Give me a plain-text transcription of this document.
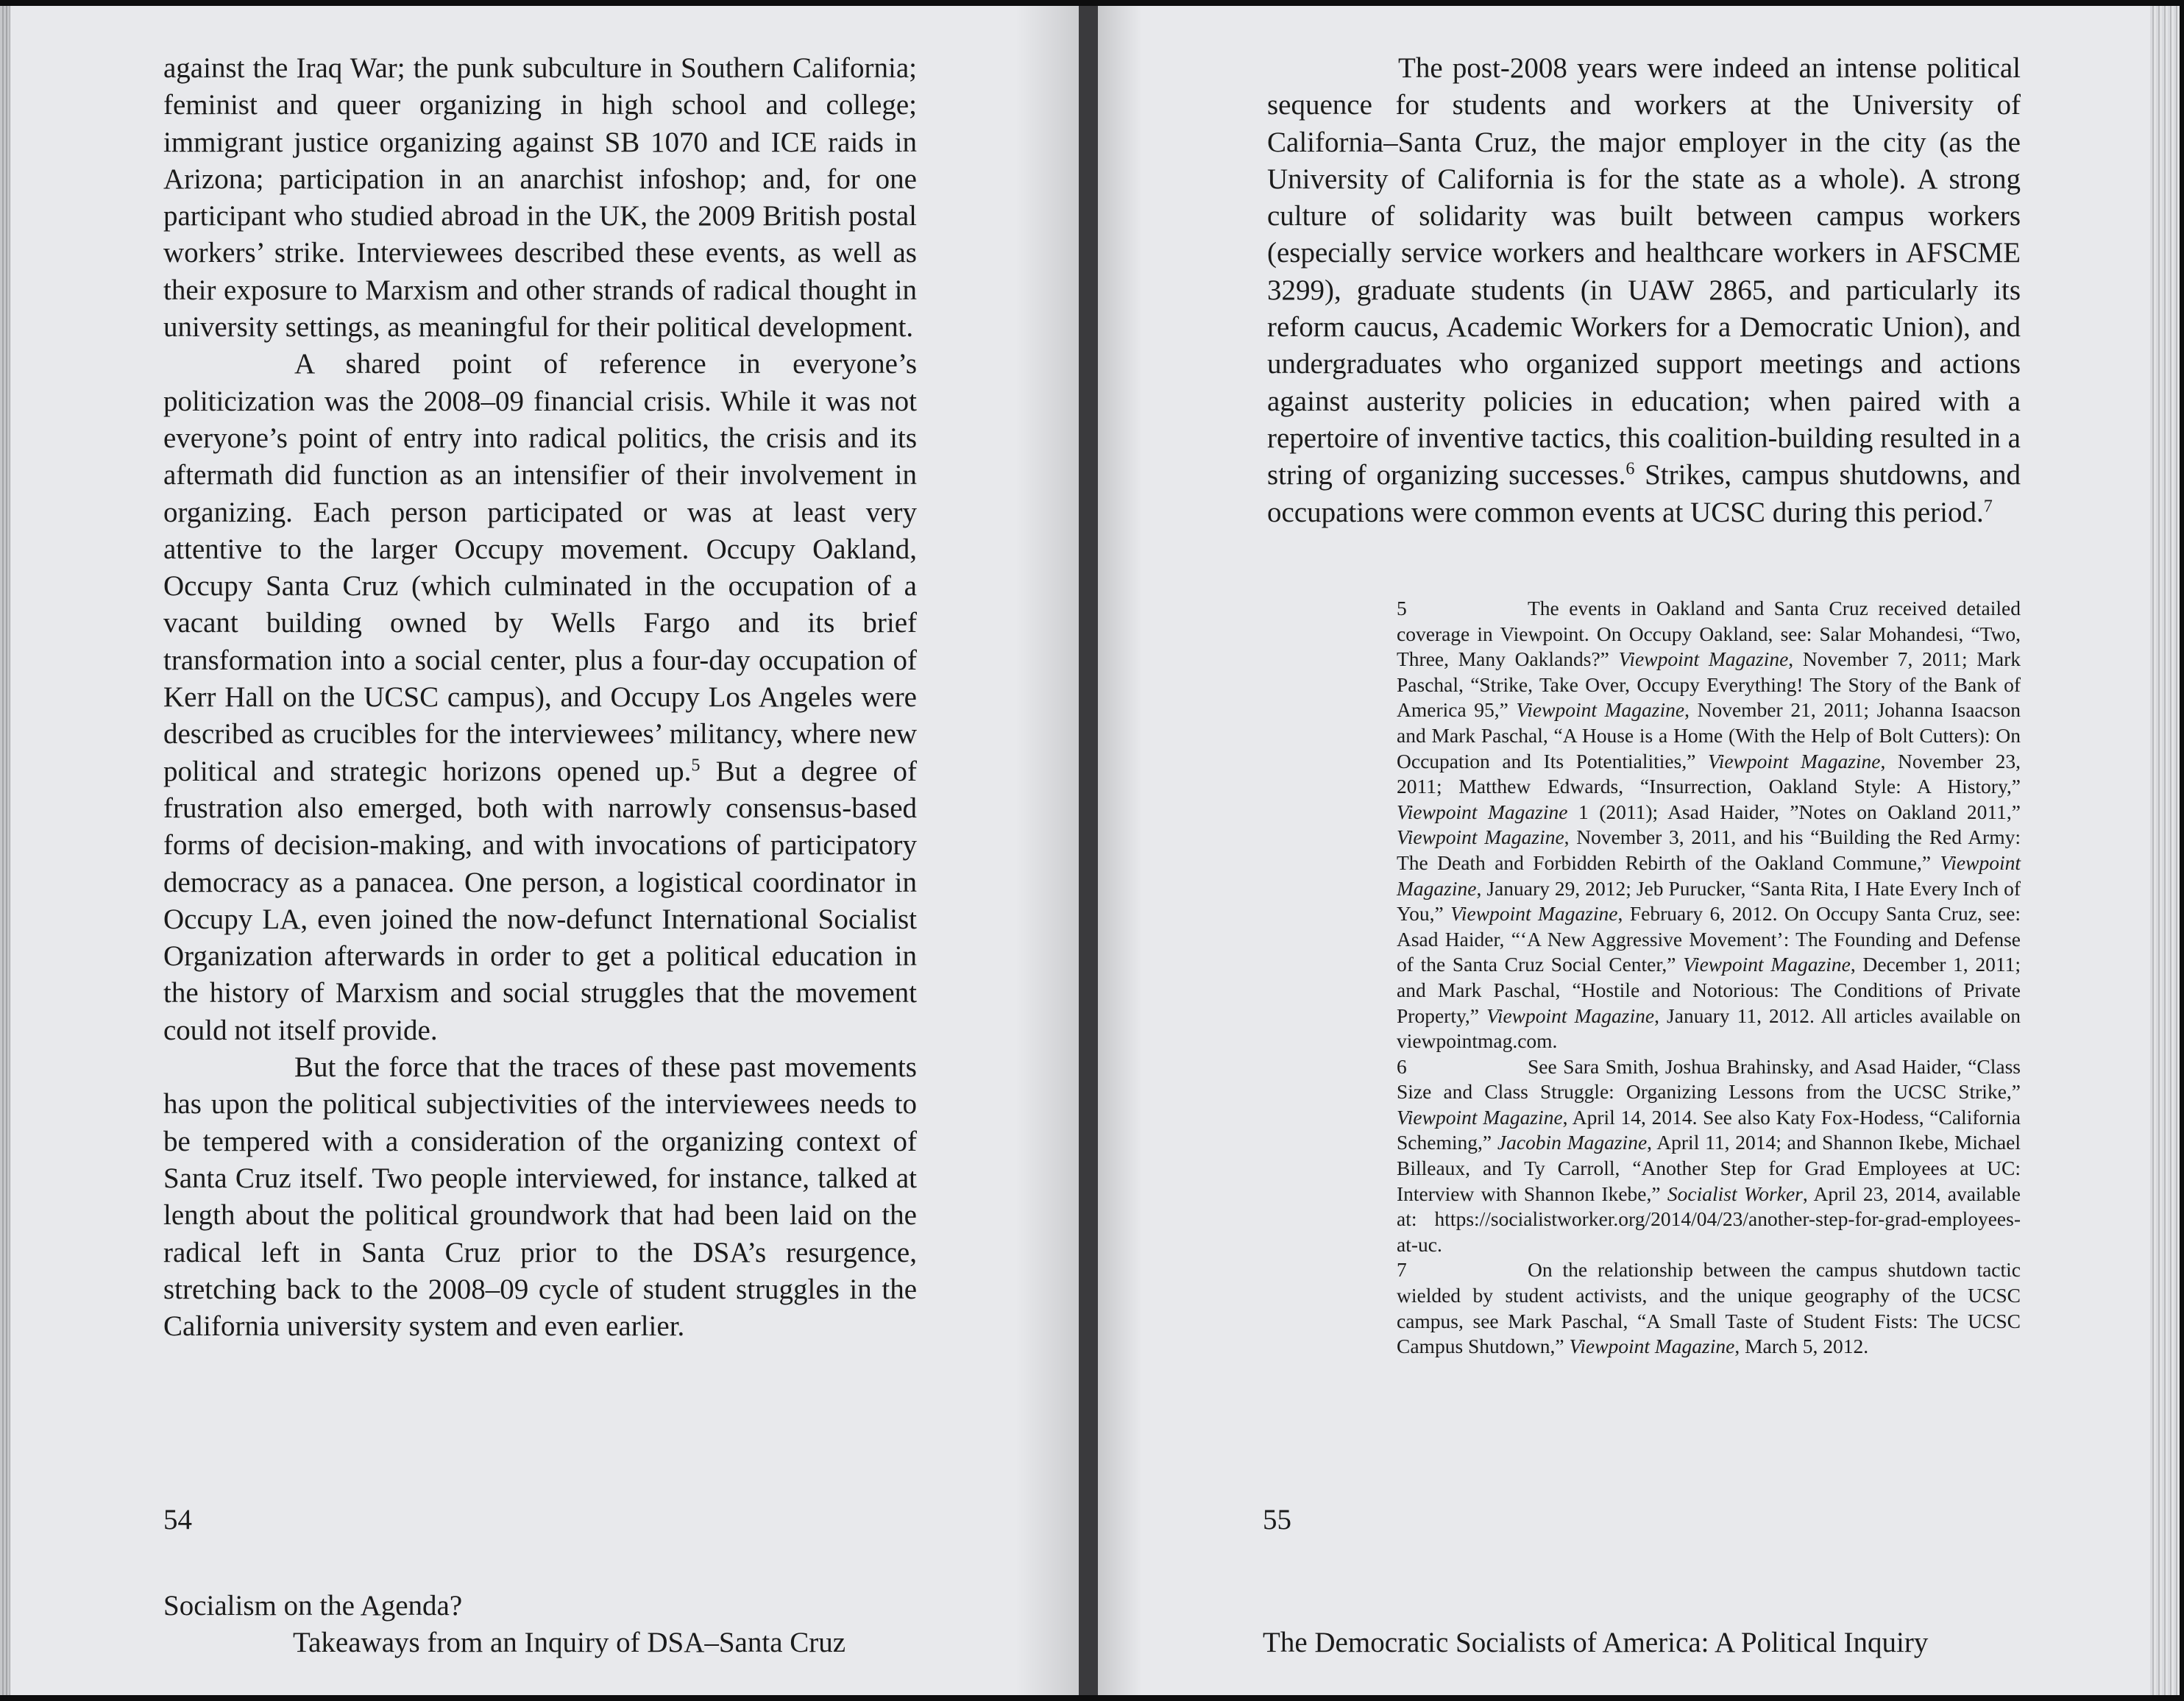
against the Iraq War; the punk subculture in Southern California; feminist and queer organizing in high school and college; immigrant justice organizing against SB 1070 and ICE raids in Arizona; participation in an anarchist infoshop; and, for one participant who studied abroad in the UK, the 2009 British postal workers’ strike. Interviewees described these events, as well as their exposure to Marxism and other strands of radical thought in university settings, as meaningful for their political development.
A shared point of reference in everyone’s politicization was the 2008–09 financial crisis. While it was not everyone’s point of entry into radical politics, the crisis and its aftermath did function as an intensifier of their involvement in organizing. Each person participated or was at least very attentive to the larger Occupy movement. Occupy Oakland, Occupy Santa Cruz (which culminated in the occupation of a vacant building owned by Wells Fargo and its brief transformation into a social center, plus a four-day occupation of Kerr Hall on the UCSC campus), and Occupy Los Angeles were described as crucibles for the interviewees’ militancy, where new political and strategic horizons opened up.$^5$ But a degree of frustration also emerged, both with narrowly consensus-based forms of decision-making, and with invocations of participatory democracy as a panacea. One person, a logistical coordinator in Occupy LA, even joined the now-defunct International Socialist Organization afterwards in order to get a political education in the history of Marxism and social struggles that the movement could not itself provide.
But the force that the traces of these past movements has upon the political subjectivities of the interviewees needs to be tempered with a consideration of the organizing context of Santa Cruz itself. Two people interviewed, for instance, talked at length about the political groundwork that had been laid on the radical left in Santa Cruz prior to the DSA’s resurgence, stretching back to the 2008–09 cycle of student struggles in the California university system and even earlier.
54
Socialism on the Agenda?
Takeaways from an Inquiry of DSA–Santa Cruz
The post-2008 years were indeed an intense political sequence for students and workers at the University of California–Santa Cruz, the major employer in the city (as the University of California is for the state as a whole). A strong culture of solidarity was built between campus workers (especially service workers and healthcare workers in AFSCME 3299), graduate students (in UAW 2865, and particularly its reform caucus, Academic Workers for a Democratic Union), and undergraduates who organized support meetings and actions against austerity policies in education; when paired with a repertoire of inventive tactics, this coalition-building resulted in a string of organizing successes.$^6$ Strikes, campus shutdowns, and occupations were common events at UCSC during this period.$^7$
5	The events in Oakland and Santa Cruz received detailed coverage in Viewpoint. On Occupy Oakland, see: Salar Mohandesi, “Two, Three, Many Oaklands?” Viewpoint Magazine, November 7, 2011; Mark Paschal, “Strike, Take Over, Occupy Everything! The Story of the Bank of America 95,” Viewpoint Magazine, November 21, 2011; Johanna Isaacson and Mark Paschal, “A House is a Home (With the Help of Bolt Cutters): On Occupation and Its Potentialities,” Viewpoint Magazine, November 23, 2011; Matthew Edwards, “Insurrection, Oakland Style: A History,” Viewpoint Magazine 1 (2011); Asad Haider, ”Notes on Oakland 2011,” Viewpoint Magazine, November 3, 2011, and his “Building the Red Army: The Death and Forbidden Rebirth of the Oakland Commune,” Viewpoint Magazine, January 29, 2012; Jeb Purucker, “Santa Rita, I Hate Every Inch of You,” Viewpoint Magazine, February 6, 2012. On Occupy Santa Cruz, see: Asad Haider, “‘A New Aggressive Movement’: The Founding and Defense of the Santa Cruz Social Center,” Viewpoint Magazine, December 1, 2011; and Mark Paschal, “Hostile and Notorious: The Conditions of Private Property,” Viewpoint Magazine, January 11, 2012. All articles available on viewpointmag.com.
6	See Sara Smith, Joshua Brahinsky, and Asad Haider, “Class Size and Class Struggle: Organizing Lessons from the UCSC Strike,” Viewpoint Magazine, April 14, 2014. See also Katy Fox-Hodess, “California Scheming,” Jacobin Magazine, April 11, 2014; and Shannon Ikebe, Michael Billeaux, and Ty Carroll, “Another Step for Grad Employees at UC: Interview with Shannon Ikebe,” Socialist Worker, April 23, 2014, available at: https://socialistworker.org/2014/04/23/another-step-for-grad-employees-at-uc.
7	On the relationship between the campus shutdown tactic wielded by student activists, and the unique geography of the UCSC campus, see Mark Paschal, “A Small Taste of Student Fists: The UCSC Campus Shutdown,” Viewpoint Magazine, March 5, 2012.
55
The Democratic Socialists of America: A Political Inquiry
